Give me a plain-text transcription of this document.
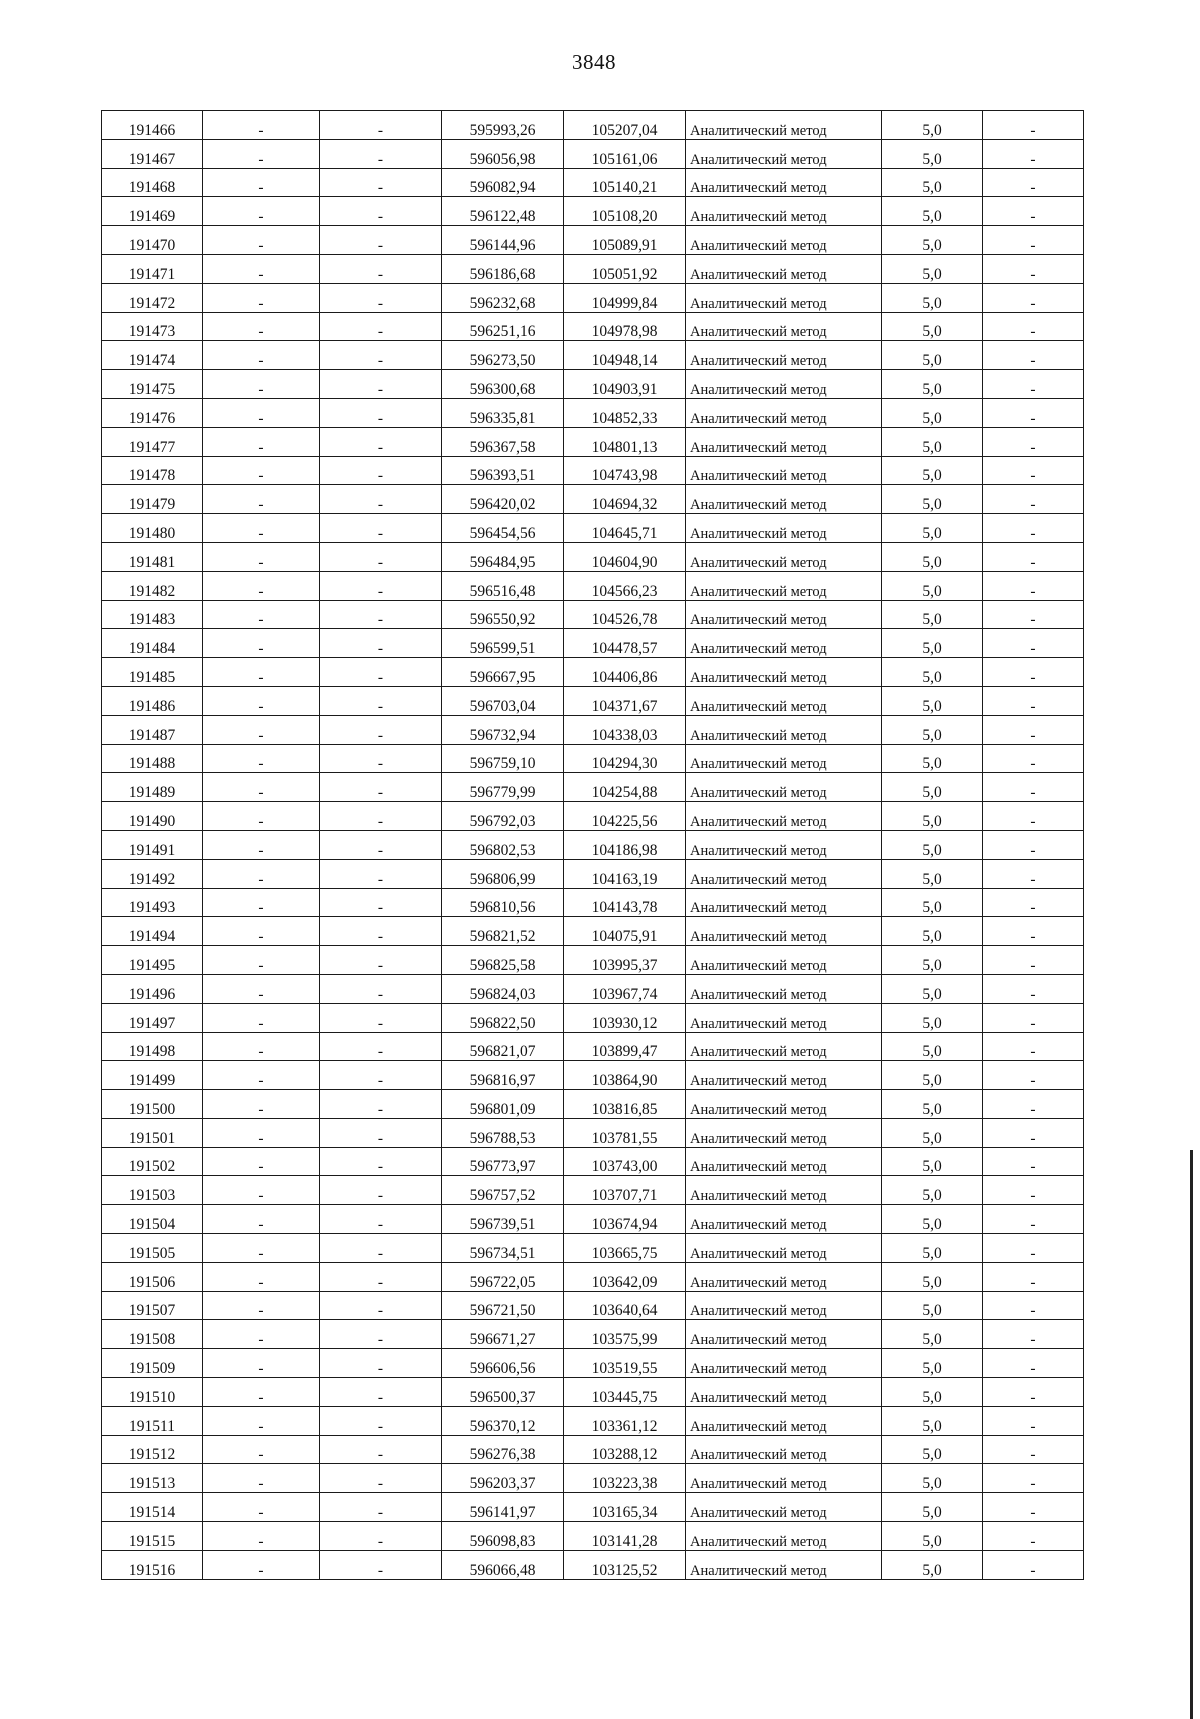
3848
191466	-	-	595993,26	105207,04	Аналитический метод	5,0	-
191467	-	-	596056,98	105161,06	Аналитический метод	5,0	-
191468	-	-	596082,94	105140,21	Аналитический метод	5,0	-
191469	-	-	596122,48	105108,20	Аналитический метод	5,0	-
191470	-	-	596144,96	105089,91	Аналитический метод	5,0	-
191471	-	-	596186,68	105051,92	Аналитический метод	5,0	-
191472	-	-	596232,68	104999,84	Аналитический метод	5,0	-
191473	-	-	596251,16	104978,98	Аналитический метод	5,0	-
191474	-	-	596273,50	104948,14	Аналитический метод	5,0	-
191475	-	-	596300,68	104903,91	Аналитический метод	5,0	-
191476	-	-	596335,81	104852,33	Аналитический метод	5,0	-
191477	-	-	596367,58	104801,13	Аналитический метод	5,0	-
191478	-	-	596393,51	104743,98	Аналитический метод	5,0	-
191479	-	-	596420,02	104694,32	Аналитический метод	5,0	-
191480	-	-	596454,56	104645,71	Аналитический метод	5,0	-
191481	-	-	596484,95	104604,90	Аналитический метод	5,0	-
191482	-	-	596516,48	104566,23	Аналитический метод	5,0	-
191483	-	-	596550,92	104526,78	Аналитический метод	5,0	-
191484	-	-	596599,51	104478,57	Аналитический метод	5,0	-
191485	-	-	596667,95	104406,86	Аналитический метод	5,0	-
191486	-	-	596703,04	104371,67	Аналитический метод	5,0	-
191487	-	-	596732,94	104338,03	Аналитический метод	5,0	-
191488	-	-	596759,10	104294,30	Аналитический метод	5,0	-
191489	-	-	596779,99	104254,88	Аналитический метод	5,0	-
191490	-	-	596792,03	104225,56	Аналитический метод	5,0	-
191491	-	-	596802,53	104186,98	Аналитический метод	5,0	-
191492	-	-	596806,99	104163,19	Аналитический метод	5,0	-
191493	-	-	596810,56	104143,78	Аналитический метод	5,0	-
191494	-	-	596821,52	104075,91	Аналитический метод	5,0	-
191495	-	-	596825,58	103995,37	Аналитический метод	5,0	-
191496	-	-	596824,03	103967,74	Аналитический метод	5,0	-
191497	-	-	596822,50	103930,12	Аналитический метод	5,0	-
191498	-	-	596821,07	103899,47	Аналитический метод	5,0	-
191499	-	-	596816,97	103864,90	Аналитический метод	5,0	-
191500	-	-	596801,09	103816,85	Аналитический метод	5,0	-
191501	-	-	596788,53	103781,55	Аналитический метод	5,0	-
191502	-	-	596773,97	103743,00	Аналитический метод	5,0	-
191503	-	-	596757,52	103707,71	Аналитический метод	5,0	-
191504	-	-	596739,51	103674,94	Аналитический метод	5,0	-
191505	-	-	596734,51	103665,75	Аналитический метод	5,0	-
191506	-	-	596722,05	103642,09	Аналитический метод	5,0	-
191507	-	-	596721,50	103640,64	Аналитический метод	5,0	-
191508	-	-	596671,27	103575,99	Аналитический метод	5,0	-
191509	-	-	596606,56	103519,55	Аналитический метод	5,0	-
191510	-	-	596500,37	103445,75	Аналитический метод	5,0	-
191511	-	-	596370,12	103361,12	Аналитический метод	5,0	-
191512	-	-	596276,38	103288,12	Аналитический метод	5,0	-
191513	-	-	596203,37	103223,38	Аналитический метод	5,0	-
191514	-	-	596141,97	103165,34	Аналитический метод	5,0	-
191515	-	-	596098,83	103141,28	Аналитический метод	5,0	-
191516	-	-	596066,48	103125,52	Аналитический метод	5,0	-
